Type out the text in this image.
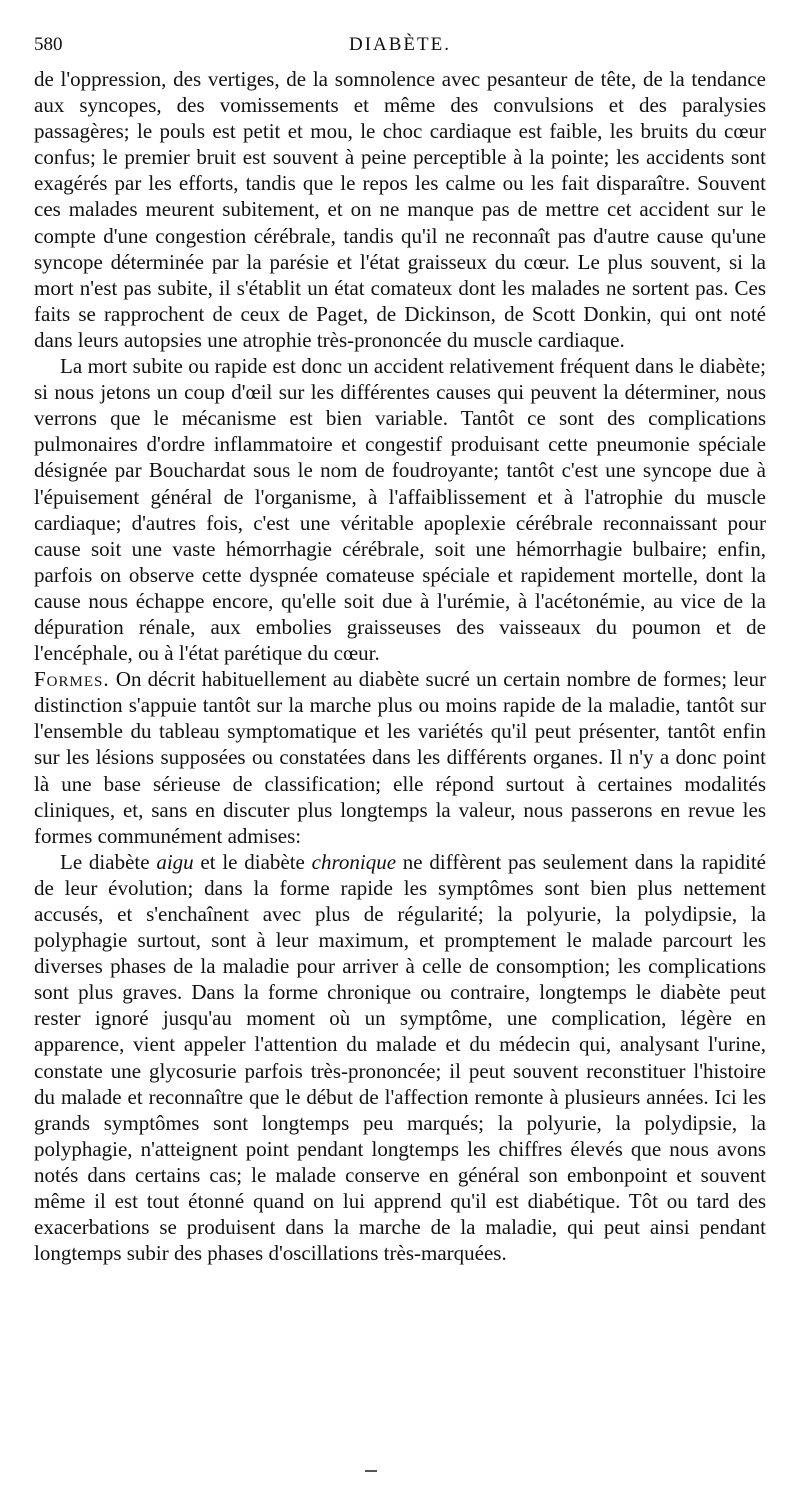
580	DIABÈTE.

de l'oppression, des vertiges, de la somnolence avec pesanteur de tête, de la tendance aux syncopes, des vomissements et même des convulsions et des paralysies passagères; le pouls est petit et mou, le choc cardiaque est faible, les bruits du cœur confus; le premier bruit est souvent à peine perceptible à la pointe; les accidents sont exagérés par les efforts, tandis que le repos les calme ou les fait disparaître. Souvent ces malades meurent subitement, et on ne manque pas de mettre cet accident sur le compte d'une congestion cérébrale, tandis qu'il ne reconnaît pas d'autre cause qu'une syncope déterminée par la parésie et l'état graisseux du cœur. Le plus souvent, si la mort n'est pas subite, il s'établit un état comateux dont les malades ne sortent pas. Ces faits se rapprochent de ceux de Paget, de Dickinson, de Scott Donkin, qui ont noté dans leurs autopsies une atrophie très-prononcée du muscle cardiaque.

La mort subite ou rapide est donc un accident relativement fréquent dans le diabète; si nous jetons un coup d'œil sur les différentes causes qui peuvent la déterminer, nous verrons que le mécanisme est bien variable. Tantôt ce sont des complications pulmonaires d'ordre inflammatoire et congestif produisant cette pneumonie spéciale désignée par Bouchardat sous le nom de foudroyante; tantôt c'est une syncope due à l'épuisement général de l'organisme, à l'affaiblissement et à l'atrophie du muscle cardiaque; d'autres fois, c'est une véritable apoplexie cérébrale reconnaissant pour cause soit une vaste hémorrhagie cérébrale, soit une hémorrhagie bulbaire; enfin, parfois on observe cette dyspnée comateuse spéciale et rapidement mortelle, dont la cause nous échappe encore, qu'elle soit due à l'urémie, à l'acétonémie, au vice de la dépuration rénale, aux embolies graisseuses des vaisseaux du poumon et de l'encéphale, ou à l'état parétique du cœur.

Formes. On décrit habituellement au diabète sucré un certain nombre de formes; leur distinction s'appuie tantôt sur la marche plus ou moins rapide de la maladie, tantôt sur l'ensemble du tableau symptomatique et les variétés qu'il peut présenter, tantôt enfin sur les lésions supposées ou constatées dans les différents organes. Il n'y a donc point là une base sérieuse de classification; elle répond surtout à certaines modalités cliniques, et, sans en discuter plus longtemps la valeur, nous passerons en revue les formes communément admises:

Le diabète aigu et le diabète chronique ne diffèrent pas seulement dans la rapidité de leur évolution; dans la forme rapide les symptômes sont bien plus nettement accusés, et s'enchaînent avec plus de régularité; la polyurie, la polydipsie, la polyphagie surtout, sont à leur maximum, et promptement le malade parcourt les diverses phases de la maladie pour arriver à celle de consomption; les complications sont plus graves. Dans la forme chronique ou contraire, longtemps le diabète peut rester ignoré jusqu'au moment où un symptôme, une complication, légère en apparence, vient appeler l'attention du malade et du médecin qui, analysant l'urine, constate une glycosurie parfois très-prononcée; il peut souvent reconstituer l'histoire du malade et reconnaître que le début de l'affection remonte à plusieurs années. Ici les grands symptômes sont longtemps peu marqués; la polyurie, la polydipsie, la polyphagie, n'atteignent point pendant longtemps les chiffres élevés que nous avons notés dans certains cas; le malade conserve en général son embonpoint et souvent même il est tout étonné quand on lui apprend qu'il est diabétique. Tôt ou tard des exacerbations se produisent dans la marche de la maladie, qui peut ainsi pendant longtemps subir des phases d'oscillations très-marquées.
